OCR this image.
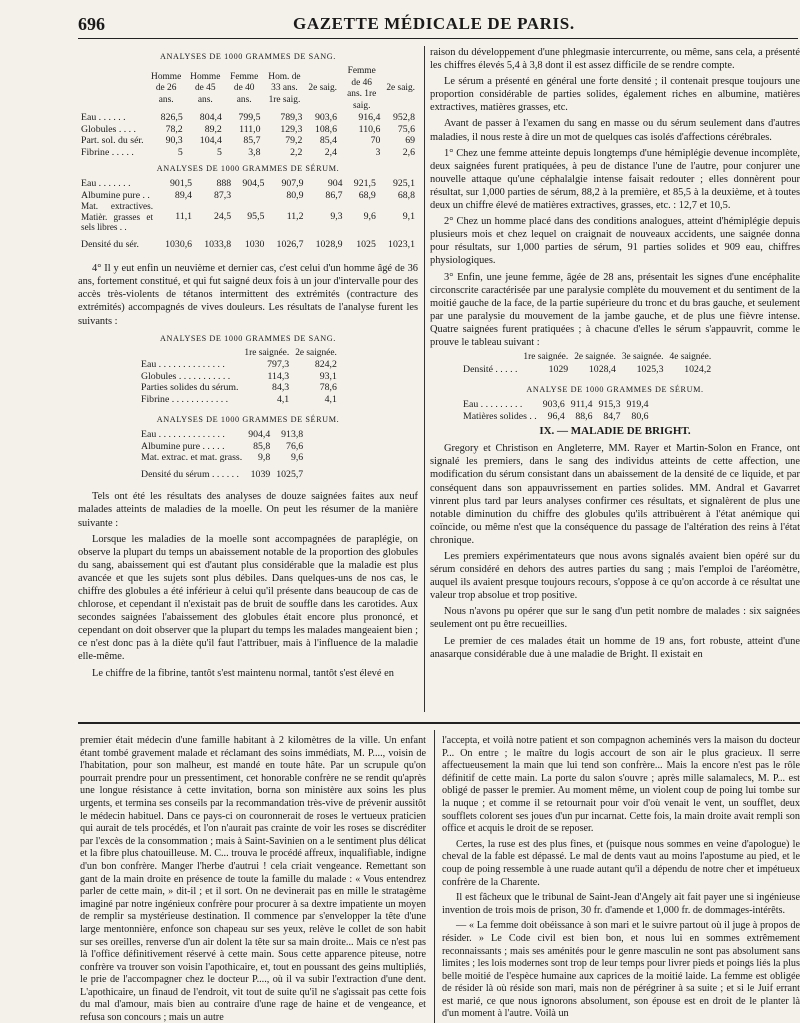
696	GAZETTE MÉDICALE DE PARIS.
ANALYSES DE 1000 GRAMMES DE SANG.
	Homme de 26 ans.	Homme de 45 ans.	Femme de 40 ans.	Hom. de 33 ans. 1re saig.	2e saig.	Femme de 46 ans. 1re saig.	2e saig.
Eau . . . . . .	826,5	804,4	799,5	789,3	903,6	916,4	952,8
Globules . . . .	78,2	89,2	111,0	129,3	108,6	110,6	75,6
Part. sol. du sér.	90,3	104,4	85,7	79,2	85,4	70	69
Fibrine . . . . .	5	5	3,8	2,2	2,4	3	2,6
ANALYSES DE 1000 GRAMMES DE SÉRUM.
Eau . . . . . . .	901,5	888	904,5	907,9	904	921,5	925,1
Albumine pure . .	89,4	87,3		80,9	86,7	68,9	68,8
Mat. extractives. Matièr. grasses et sels libres . .	11,1	24,5	95,5	11,2	9,3	9,6	9,1
Densité du sér.	1030,6	1033,8	1030	1026,7	1028,9	1025	1023,1

4° Il y eut enfin un neuvième et dernier cas, c'est celui d'un homme âgé de 36 ans, fortement constitué, et qui fut saigné deux fois à un jour d'intervalle pour des accès très-violents de tétanos intermittent des extrémités (contracture des extrémités) accompagnés de vives douleurs. Les résultats de l'analyse furent les suivants :

ANALYSES DE 1000 GRAMMES DE SANG.
	1re saignée.	2e saignée.
Eau . . . . . . . . . . . . . .	797,3	824,2
Globules . . . . . . . . . . .	114,3	93,1
Parties solides du sérum.	84,3	78,6
Fibrine . . . . . . . . . . . .	4,1	4,1
ANALYSES DE 1000 GRAMMES DE SÉRUM.
Eau . . . . . . . . . . . . . .	904,4	913,8
Albumine pure . . . . .	85,8	76,6
Mat. extrac. et mat. grass.	9,8	9,6
Densité du sérum . . . . . .	1039	1025,7

Tels ont été les résultats des analyses de douze saignées faites aux neuf malades atteints de maladies de la moelle. On peut les résumer de la manière suivante :

Lorsque les maladies de la moelle sont accompagnées de paraplégie, on observe la plupart du temps un abaissement notable de la proportion des globules du sang, abaissement qui est d'autant plus considérable que la maladie est plus avancée et que les sujets sont plus débiles. Dans quelques-uns de nos cas, le chiffre des globules a été inférieur à celui qu'il présente dans beaucoup de cas de chlorose, et cependant il n'existait pas de bruit de souffle dans les carotides. Aux secondes saignées l'abaissement des globules était encore plus prononcé, et cependant on doit observer que la plupart du temps les malades mangeaient bien ; ce n'est donc pas à la diète qu'il faut l'attribuer, mais à l'influence de la maladie elle-même.

Le chiffre de la fibrine, tantôt s'est maintenu normal, tantôt s'est élevé en

raison du développement d'une phlegmasie intercurrente, ou même, sans cela, a présenté les chiffres élevés 5,4 à 3,8 dont il est assez difficile de se rendre compte.

Le sérum a présenté en général une forte densité ; il contenait presque toujours une proportion considérable de parties solides, également riches en albumine, matières extractives, matières grasses, etc.

Avant de passer à l'examen du sang en masse ou du sérum seulement dans d'autres maladies, il nous reste à dire un mot de quelques cas isolés d'affections cérébrales.

1° Chez une femme atteinte depuis longtemps d'une hémiplégie devenue incomplète, deux saignées furent pratiquées, à peu de distance l'une de l'autre, pour conjurer une nouvelle attaque qu'une céphalalgie intense faisait redouter ; elles donnèrent pour résultat, sur 1,000 parties de sérum, 88,2 à la première, et 85,5 à la deuxième, et à toutes deux un chiffre élevé de matières extractives, grasses, etc. : 12,7 et 10,5.

2° Chez un homme placé dans des conditions analogues, atteint d'hémiplégie depuis plusieurs mois et chez lequel on craignait de nouveaux accidents, une saignée donna pour résultats, sur 1,000 parties de sérum, 91 parties solides et 909 eau, chiffres physiologiques.

3° Enfin, une jeune femme, âgée de 28 ans, présentait les signes d'une encéphalite circonscrite caractérisée par une paralysie complète du mouvement et du sentiment de la moitié gauche de la face, de la partie supérieure du tronc et du bras gauche, et seulement par une paralysie du mouvement de la jambe gauche, et de plus une fièvre intense. Quatre saignées furent pratiquées ; à chacune d'elles le sérum s'appauvrit, comme le prouve le tableau suivant :

	1re saignée.	2e saignée.	3e saignée.	4e saignée.
Densité . . . . .	1029	1028,4	1025,3	1024,2
ANALYSE DE 1000 GRAMMES DE SÉRUM.
Eau . . . . . . . . .	903,6	911,4	915,3	919,4
Matières solides . .	96,4	88,6	84,7	80,6
IX. — MALADIE DE BRIGHT.

Gregory et Christison en Angleterre, MM. Rayer et Martin-Solon en France, ont signalé les premiers, dans le sang des individus atteints de cette affection, une modification du sérum consistant dans un abaissement de la densité de ce liquide, et par conséquent dans son appauvrissement en parties solides. MM. Andral et Gavarret vinrent plus tard par leurs analyses confirmer ces résultats, et signalèrent de plus une notable diminution du chiffre des globules qu'ils attribuèrent à l'état anémique qui coïncide, ou même n'est que la conséquence du passage de l'altération des reins à l'état chronique.

Les premiers expérimentateurs que nous avons signalés avaient bien opéré sur du sérum considéré en dehors des autres parties du sang ; mais l'emploi de l'aréomètre, auquel ils avaient presque toujours recours, s'oppose à ce qu'on accorde à ce résultat une valeur trop absolue et trop positive.

Nous n'avons pu opérer que sur le sang d'un petit nombre de malades : six saignées seulement ont pu être recueillies.

Le premier de ces malades était un homme de 19 ans, fort robuste, atteint d'une anasarque considérable due à une maladie de Bright. Il existait en

premier était médecin d'une famille habitant à 2 kilomètres de la ville. Un enfant étant tombé gravement malade et réclamant des soins immédiats, M. P...., voisin de l'habitation, pour son malheur, est mandé en toute hâte. Par un scrupule qu'on pourrait prendre pour un pressentiment, cet honorable confrère ne se rendit qu'après une longue résistance à cette invitation, borna son ministère aux soins les plus urgents, et termina ses conseils par la recommandation très-vive de prévenir aussitôt le médecin habituel. Dans ce pays-ci on couronnerait de roses le vertueux praticien qui aurait de tels procédés, et l'on n'aurait pas crainte de voir les roses se discréditer par l'excès de la consommation ; mais à Saint-Savinien on a le sentiment plus délicat et la fibre plus chatouilleuse. M. C... trouva le procédé affreux, inqualifiable, indigne d'un bon confrère. Manger l'herbe d'autrui ! cela criait vengeance. Remettant son gant de la main droite en présence de toute la famille du malade : « Vous entendrez parler de cette main, » dit-il ; et il sort. On ne devinerait pas en mille le stratagème imaginé par notre ingénieux confrère pour procurer à sa dextre impatiente un moyen de remplir sa mystérieuse destination. Il commence par s'envelopper la tête d'une large mentonnière, enfonce son chapeau sur ses yeux, relève le collet de son habit sur ses oreilles, renverse d'un air dolent la tête sur sa main droite... Mais ce n'est pas là l'office définitivement réservé à cette main. Sous cette apparence piteuse, notre confrère va trouver son voisin l'apothicaire, et, tout en poussant des geins multipliés, le prie de l'accompagner chez le docteur P...., où il va subir l'extraction d'une dent. L'apothicaire, un finaud de l'endroit, vit tout de suite qu'il ne s'agissait pas cette fois du mal d'amour, mais bien au contraire d'une rage de haine et de vengeance, et refusa son concours ; mais un autre

l'accepta, et voilà notre patient et son compagnon acheminés vers la maison du docteur P... On entre ; le maître du logis accourt de son air le plus gracieux. Il serre affectueusement la main que lui tend son confrère... Mais la encore n'est pas le rôle définitif de cette main. La porte du salon s'ouvre ; après mille salamalecs, M. P... est obligé de passer le premier. Au moment même, un violent coup de poing lui tombe sur la nuque ; et comme il se retournait pour voir d'où venait le vent, un soufflet, deux soufflets colorent ses joues d'un pur incarnat. Cette fois, la main droite avait rempli son office et acquis le droit de se reposer.

Certes, la ruse est des plus fines, et (puisque nous sommes en veine d'apologue) le cheval de la fable est dépassé. Le mal de dents vaut au moins l'apostume au pied, et le coup de poing ressemble à une ruade autant qu'il a dépendu de notre cher et impétueux confrère de la Charente.

Il est fâcheux que le tribunal de Saint-Jean d'Angely ait fait payer une si ingénieuse invention de trois mois de prison, 30 fr. d'amende et 1,000 fr. de dommages-intérêts.

— « La femme doit obéissance à son mari et le suivre partout où il juge à propos de résider. » Le Code civil est bien bon, et nous lui en sommes extrêmement reconnaissants ; mais ses aménités pour le genre masculin ne sont pas absolument sans limites ; les lois modernes sont trop de leur temps pour livrer pieds et poings liés la plus belle moitié de l'espèce humaine aux caprices de la moitié laide. La femme est obligée de résider là où réside son mari, mais non de pérégriner à sa suite ; et si le Juif errant est marié, ce que nous ignorons absolument, son épouse est en droit de le planter là d'un moment à l'autre. Voilà un
